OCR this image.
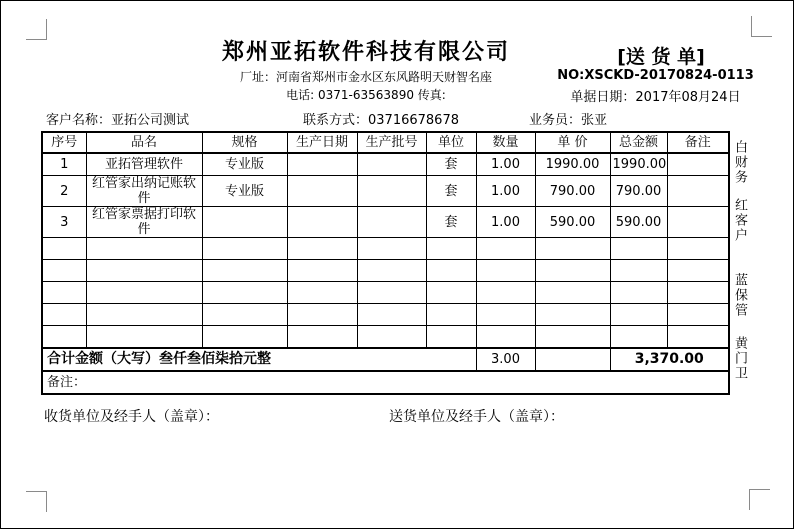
郑州亚拓软件科技有限公司	[送 货 单]
厂址：河南省郑州市金水区东风路明天财智名座	NO:XSCKD-20170824-0113
电话: 0371-63563890 传真:	单据日期：2017年08月24日
客户名称：亚拓公司测试	联系方式：03716678678	业务员：张亚
序号	品名	规格	生产日期	生产批号	单位	数量	单 价	总金额	备注
1	亚拓管理软件	专业版			套	1.00	1990.00	1990.00	
2	红管家出纳记账软件	专业版			套	1.00	790.00	790.00	
3	红管家票据打印软件				套	1.00	590.00	590.00	

合计金额（大写）叁仟叁佰柒拾元整						3.00		3,370.00	
备注：									
收货单位及经手人（盖章）：	送货单位及经手人（盖章）：
白财务
红客户
蓝保管
黄门卫
